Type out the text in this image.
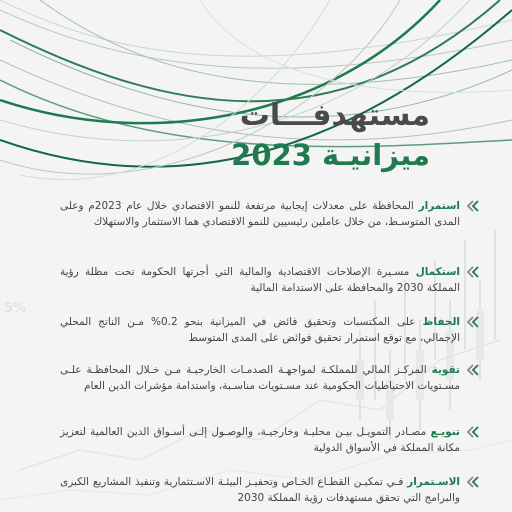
5%
مستهدفـــات
ميزانيـة 2023
استمرار المحافظة على معدلات إيجابية مرتفعة للنمو الاقتصادي خلال عام 2023م وعلى المدى المتوسـط، من خلال عاملين رئيسيين للنمو الاقتصادي هما الاستثمار والاستهلاك
استكمال مسـيرة الإصلاحات الاقتصادية والمالية التي أجرتها الحكومة تحت مظلة رؤية المملكة 2030 والمحافظة على الاستدامة المالية
الحفاظ على المكتسبات وتحقيق فائض في الميزانية بنحو 0.2% مـن الناتج المحلي الإجمالي، مع توقع استمرار تحقيق فوائض على المدى المتوسط
تقوية المركـز المالي للمملكـة لمواجهـة الصدمـات الخارجيـة مـن خـلال المحافظـة علـى مسـتويات الاحتياطيات الحكومية عند مسـتويات مناسـبة، واستدامة مؤشرات الدين العام
تنويـع مصـادر التمويـل بيـن محليـة وخارجيـة، والوصـول إلـى أسـواق الدين العالمية لتعزيز مكانة المملكة في الأسواق الدولية
الاسـتمرار فـي تمكيـن القطـاع الخـاص وتحفيـز البيئـة الاسـتثمارية وتنفيذ المشاريع الكبرى والبرامج التي تحقق مستهدفات رؤية المملكة 2030
